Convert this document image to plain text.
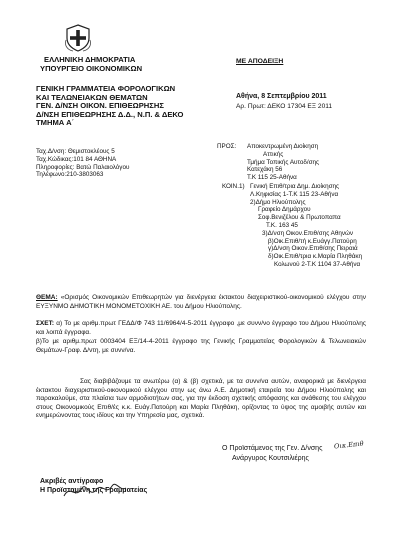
ΕΛΛΗΝΙΚΗ ΔΗΜΟΚΡΑΤΙΑ
ΥΠΟΥΡΓΕΙΟ ΟΙΚΟΝΟΜΙΚΩΝ
ΓΕΝΙΚΗ ΓΡΑΜΜΑΤΕΙΑ ΦΟΡΟΛΟΓΙΚΩΝ
ΚΑΙ ΤΕΛΩΝΕΙΑΚΩΝ ΘΕΜΑΤΩΝ
ΓΕΝ. Δ/ΝΣΗ ΟΙΚΟΝ. ΕΠΙΘΕΩΡΗΣΗΣ
Δ/ΝΣΗ ΕΠΙΘΕΩΡΗΣΗΣ Δ.Δ., Ν.Π. & ΔΕΚΟ
ΤΜΗΜΑ Α΄
ΜΕ ΑΠΟΔΕΙΞΗ
Αθήνα, 8 Σεπτεμβρίου 2011
Αρ. Πρωτ: ΔΕΚΟ 17304 ΕΞ 2011
Ταχ.Δ/νση: Θεμιστοκλέους 5
Ταχ.Κώδικας:101 84 ΑΘΗΝΑ
Πληροφορίες: Βατώ Παλαιολόγου
Τηλέφωνο:210-3803063
ΠΡΟΣ: Αποκεντρωμένη Διοίκηση
Αττικής
Τμήμα Τοπικής Αυτοδ/σης
Κατεχάκη 56
Τ.Κ 115 25-Αθήνα
ΚΟΙΝ.1) Γενική Επιθ/τρια Δημ. Διοίκησης
Λ.Κηφισίας 1-Τ.Κ 115 23-Αθήνα
2)Δήμο Ηλιούπολης
Γραφείο Δημάρχου
Σοφ.Βενιζέλου & Πρωτοπαπα
Τ.Κ. 163 45
3)Δ/νση Οικον.Επιθ/σης Αθηνών
β)Οικ.Επιθ/τή κ.Ευάγγ.Πατούρη
γ)Δ/νση Οικον.Επιθ/σης Πειραιά
δ)Οικ.Επιθ/τρια κ.Μαρία Πληθάκη
Κολωνού 2-Τ.Κ 1104 37-Αθήνα
ΘΕΜΑ: «Ορισμός Οικονομικών Επιθεωρητών για διενέργεια έκτακτου διαχειριστικού-οικονομικού ελέγχου στην ΕΥΞΥΝΜΟ ΔΗΜΟΤΙΚΗ ΜΟΝΟΜΕΤΟΧΙΚΗ ΑΕ. του Δήμου Ηλιούπολης.
ΣΧΕΤ: α) Το με αριθμ.πρωτ ΓΕΔΔ/Φ 743 11/6964/4-5-2011 έγγραφο ,με συνν/νο έγγραφο του Δήμου Ηλιούπολης και λοιπά έγγραφα.
β)Το με αριθμ.πρωτ 0003404 ΕΞ/14-4-2011 έγγραφο της Γενικής Γραμματείας Φορολογικών & Τελωνειακών Θεμάτων-Γραφ. Δ/ντη, με συνν/να.
Σας διαβιβάζουμε τα ανωτέρω (α) & (β) σχετικά, με τα συνν/να αυτών, αναφορικά με διενέργεια έκτακτου διαχειριστικού-οικονομικού ελέγχου στην ως άνω Α.Ε. Δημοτική εταιρεία του Δήμου Ηλιούπολης και παρακαλούμε, στα πλαίσια των αρμοδιοτήτων σας, για την έκδοση σχετικής απόφασης και ανάθεσης του ελέγχου στους Οικονομικούς Επιθ/ές κ.κ. Ευάγ.Πατούρη και Μαρία Πληθάκη, ορίζοντας το ύψος της αμοιβής αυτών και ενημερώνοντας τους ιδίους και την Υπηρεσία μας, σχετικά.
Ο Προϊστάμενος της Γεν. Δ/νσης
Ανάργυρος Κουτσιλιέρης
Οικ.Επιθ
Ακριβές αντίγραφο
Η Προϊσταμένη της Γραμματείας
